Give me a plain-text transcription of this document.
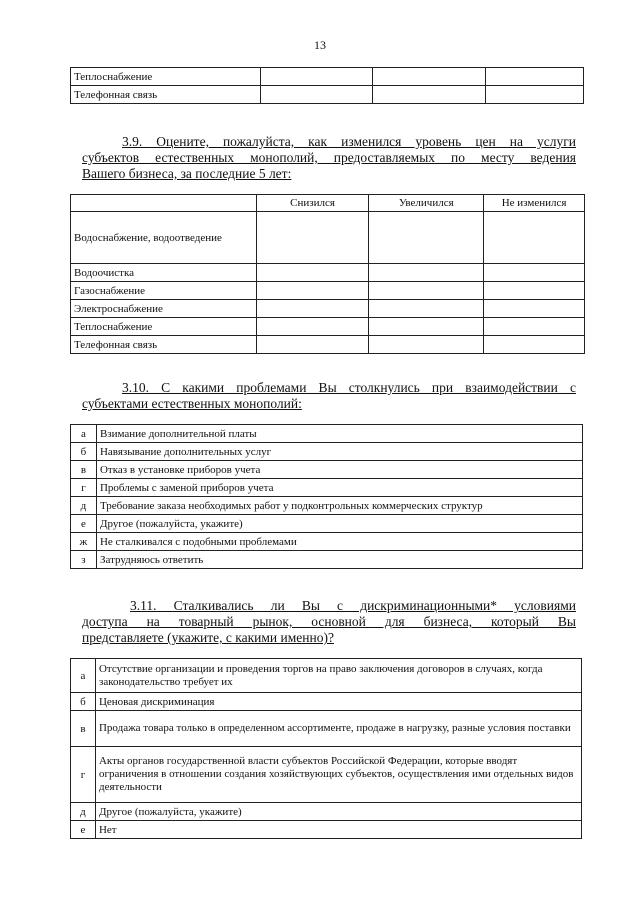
13
Теплоснабжение			
Телефонная связь			
3.9. Оцените, пожалуйста, как изменился уровень цен на услуги
субъектов естественных монополий, предоставляемых по месту ведения
Вашего бизнеса, за последние 5 лет:
	Снизился	Увеличился	Не изменился
Водоснабжение, водоотведение			
Водоочистка			
Газоснабжение			
Электроснабжение			
Теплоснабжение			
Телефонная связь			
3.10. С какими проблемами Вы столкнулись при взаимодействии с
субъектами естественных монополий:
а	Взимание дополнительной платы
б	Навязывание дополнительных услуг
в	Отказ в установке приборов учета
г	Проблемы с заменой приборов учета
д	Требование заказа необходимых работ у подконтрольных коммерческих структур
е	Другое (пожалуйста, укажите)
ж	Не сталкивался с подобными проблемами
з	Затрудняюсь ответить
3.11. Сталкивались ли Вы с дискриминационными* условиями
доступа на товарный рынок, основной для бизнеса, который Вы
представляете (укажите, с какими именно)?
а	Отсутствие организации и проведения торгов на право заключения договоров в случаях, когда законодательство требует их
б	Ценовая дискриминация
в	Продажа товара только в определенном ассортименте, продаже в нагрузку, разные условия поставки
г	Акты органов государственной власти субъектов Российской Федерации, которые вводят ограничения в отношении создания хозяйствующих субъектов, осуществления ими отдельных видов деятельности
д	Другое (пожалуйста, укажите)
е	Нет
